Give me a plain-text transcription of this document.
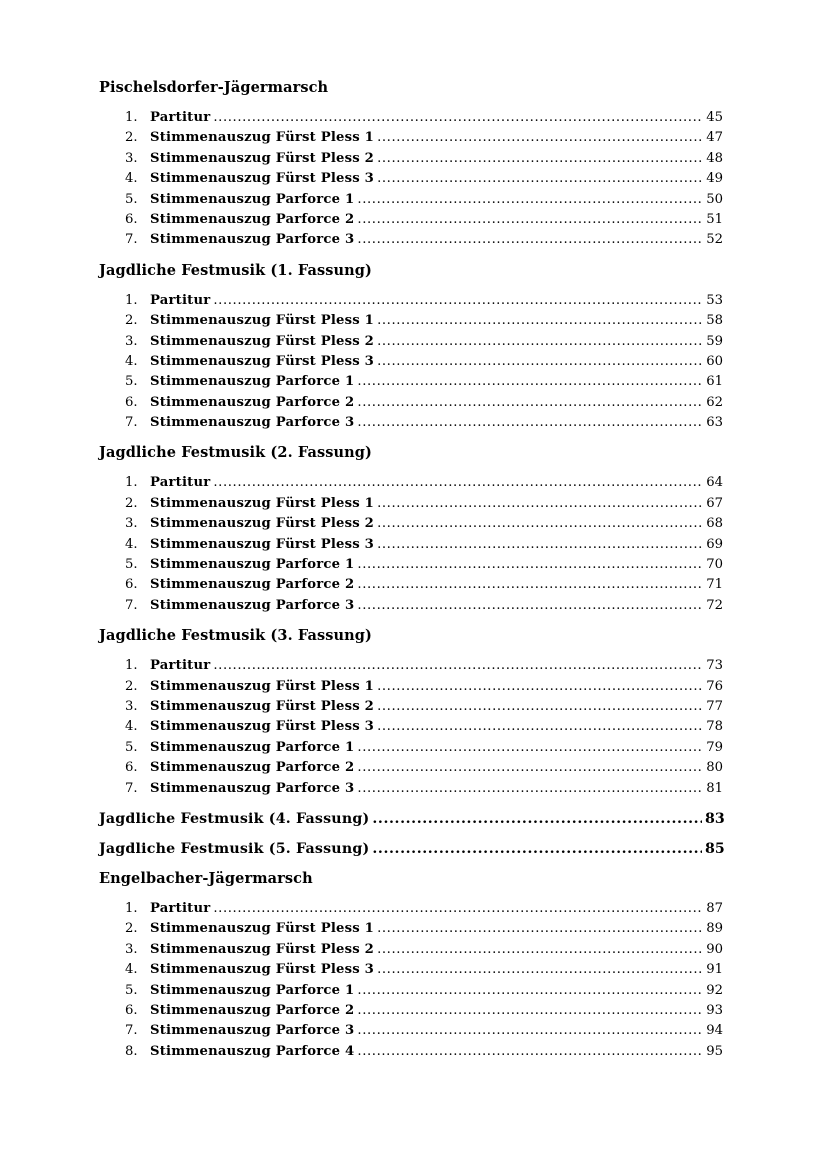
Pischelsdorfer-Jägermarsch
1. Partitur .....	45
2. Stimmenauszug Fürst Pless 1 .....	47
3. Stimmenauszug Fürst Pless 2 .....	48
4. Stimmenauszug Fürst Pless 3 .....	49
5. Stimmenauszug Parforce 1 .....	50
6. Stimmenauszug Parforce 2 .....	51
7. Stimmenauszug Parforce 3 .....	52
Jagdliche Festmusik (1. Fassung)
1. Partitur .....	53
2. Stimmenauszug Fürst Pless 1 .....	58
3. Stimmenauszug Fürst Pless 2 .....	59
4. Stimmenauszug Fürst Pless 3 .....	60
5. Stimmenauszug Parforce 1 .....	61
6. Stimmenauszug Parforce 2 .....	62
7. Stimmenauszug Parforce 3 .....	63
Jagdliche Festmusik (2. Fassung)
1. Partitur .....	64
2. Stimmenauszug Fürst Pless 1 .....	67
3. Stimmenauszug Fürst Pless 2 .....	68
4. Stimmenauszug Fürst Pless 3 .....	69
5. Stimmenauszug Parforce 1 .....	70
6. Stimmenauszug Parforce 2 .....	71
7. Stimmenauszug Parforce 3 .....	72
Jagdliche Festmusik (3. Fassung)
1. Partitur .....	73
2. Stimmenauszug Fürst Pless 1 .....	76
3. Stimmenauszug Fürst Pless 2 .....	77
4. Stimmenauszug Fürst Pless 3 .....	78
5. Stimmenauszug Parforce 1 .....	79
6. Stimmenauszug Parforce 2 .....	80
7. Stimmenauszug Parforce 3 .....	81
Jagdliche Festmusik (4. Fassung) .....	83
Jagdliche Festmusik (5. Fassung) .....	85
Engelbacher-Jägermarsch
1. Partitur .....	87
2. Stimmenauszug Fürst Pless 1 .....	89
3. Stimmenauszug Fürst Pless 2 .....	90
4. Stimmenauszug Fürst Pless 3 .....	91
5. Stimmenauszug Parforce 1 .....	92
6. Stimmenauszug Parforce 2 .....	93
7. Stimmenauszug Parforce 3 .....	94
8. Stimmenauszug Parforce 4 .....	95
